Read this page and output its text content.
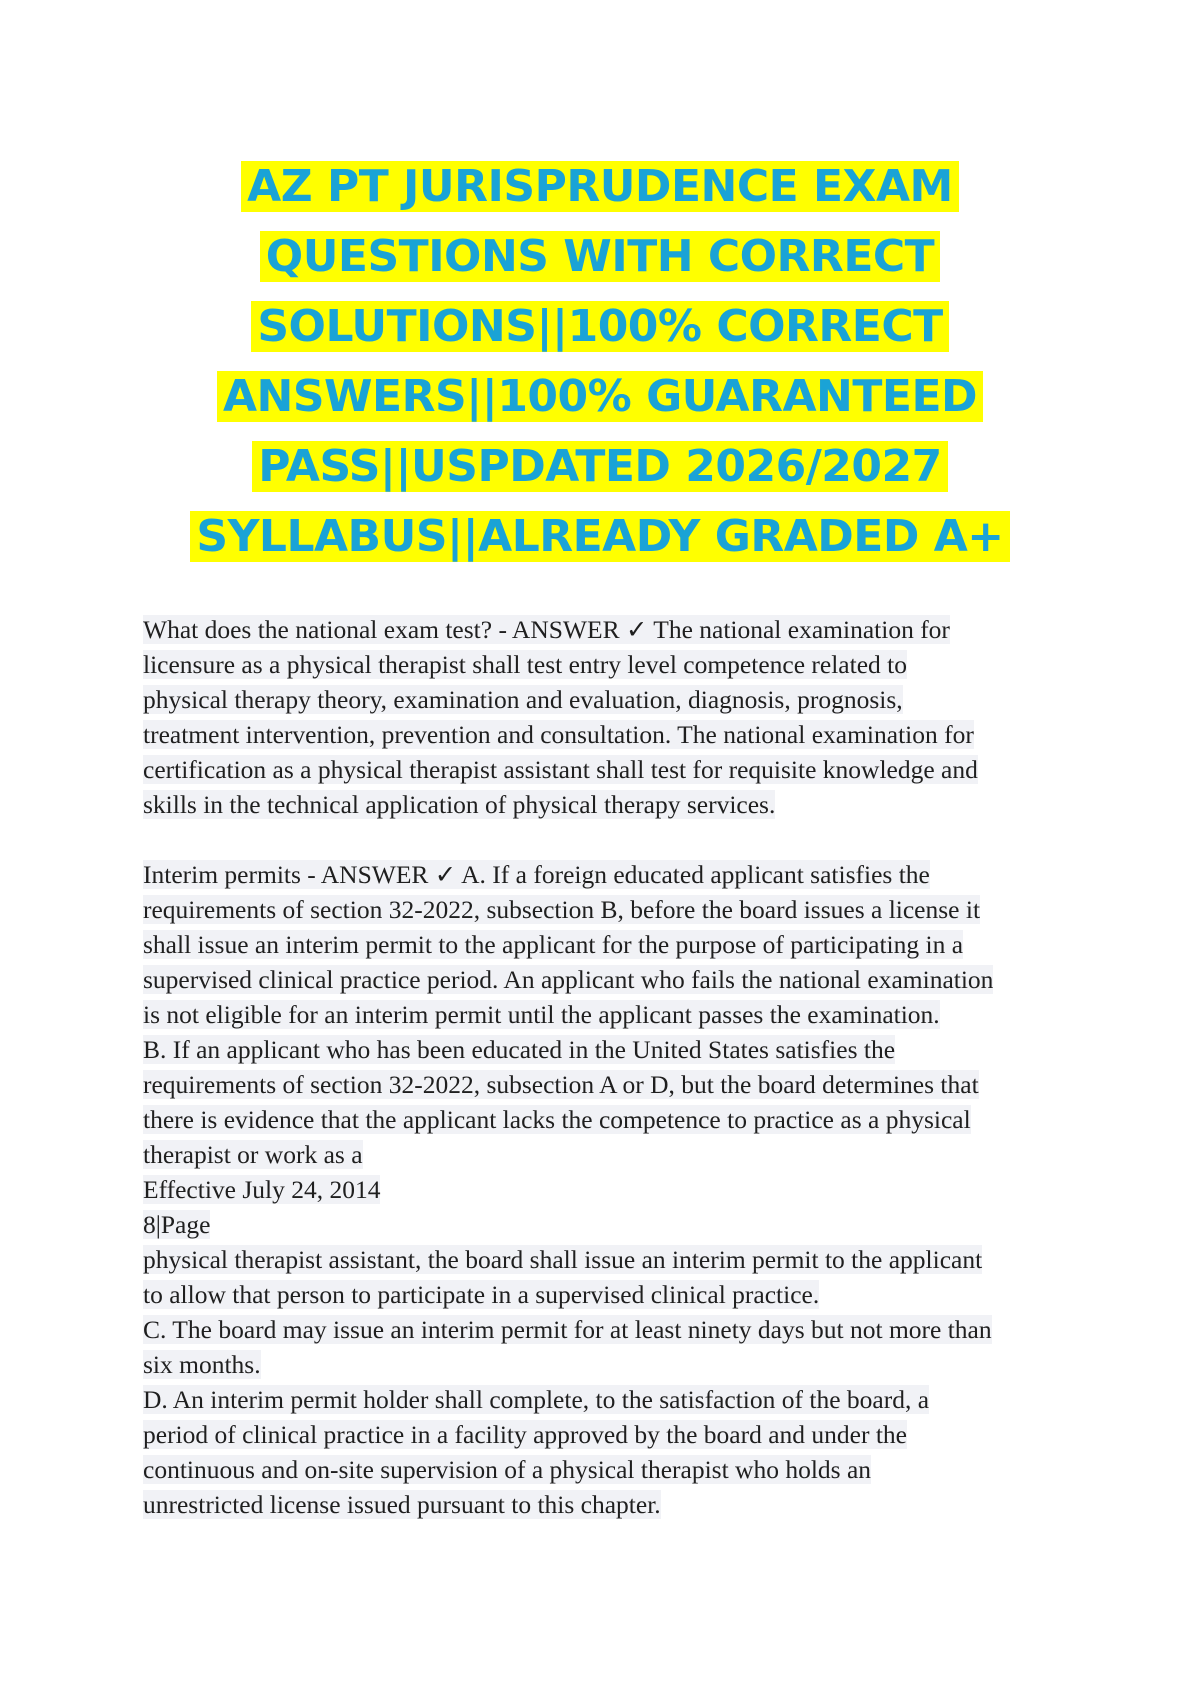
AZ PT JURISPRUDENCE EXAM
QUESTIONS WITH CORRECT
SOLUTIONS||100% CORRECT
ANSWERS||100% GUARANTEED
PASS||USPDATED 2026/2027
SYLLABUS||ALREADY GRADED A+
What does the national exam test? - ANSWER ✓ The national examination for
licensure as a physical therapist shall test entry level competence related to
physical therapy theory, examination and evaluation, diagnosis, prognosis,
treatment intervention, prevention and consultation. The national examination for
certification as a physical therapist assistant shall test for requisite knowledge and
skills in the technical application of physical therapy services.
Interim permits - ANSWER ✓ A. If a foreign educated applicant satisfies the
requirements of section 32-2022, subsection B, before the board issues a license it
shall issue an interim permit to the applicant for the purpose of participating in a
supervised clinical practice period. An applicant who fails the national examination
is not eligible for an interim permit until the applicant passes the examination.
B. If an applicant who has been educated in the United States satisfies the
requirements of section 32-2022, subsection A or D, but the board determines that
there is evidence that the applicant lacks the competence to practice as a physical
therapist or work as a
Effective July 24, 2014
8|Page
physical therapist assistant, the board shall issue an interim permit to the applicant
to allow that person to participate in a supervised clinical practice.
C. The board may issue an interim permit for at least ninety days but not more than
six months.
D. An interim permit holder shall complete, to the satisfaction of the board, a
period of clinical practice in a facility approved by the board and under the
continuous and on-site supervision of a physical therapist who holds an
unrestricted license issued pursuant to this chapter.
